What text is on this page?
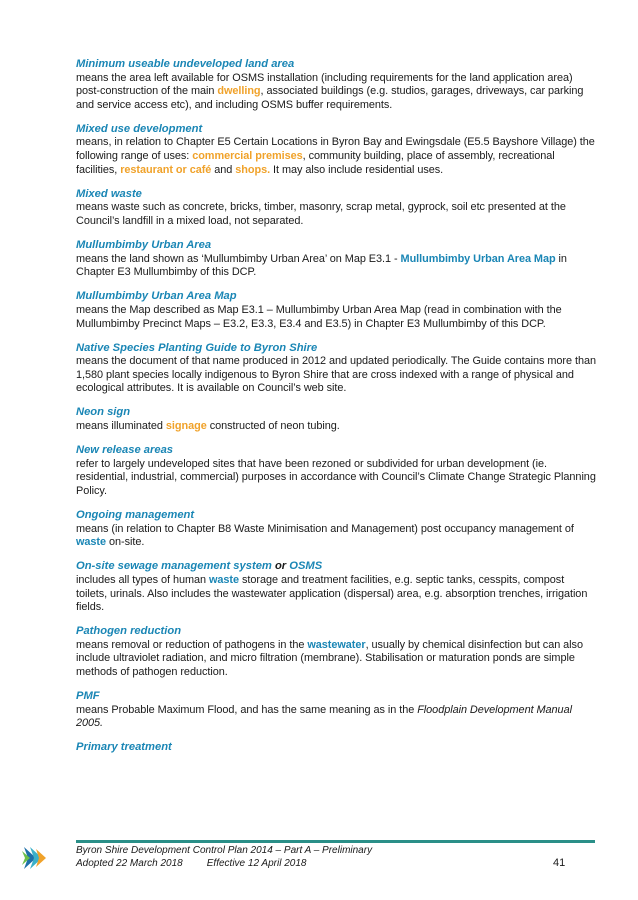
Minimum useable undeveloped land area
means the area left available for OSMS installation (including requirements for the land application area) post-construction of the main dwelling, associated buildings (e.g. studios, garages, driveways, car parking and service access etc), and including OSMS buffer requirements.
Mixed use development
means, in relation to Chapter E5 Certain Locations in Byron Bay and Ewingsdale (E5.5 Bayshore Village) the following range of uses: commercial premises, community building, place of assembly, recreational facilities, restaurant or café and shops. It may also include residential uses.
Mixed waste
means waste such as concrete, bricks, timber, masonry, scrap metal, gyprock, soil etc presented at the Council’s landfill in a mixed load, not separated.
Mullumbimby Urban Area
means the land shown as ‘Mullumbimby Urban Area’ on Map E3.1 - Mullumbimby Urban Area Map in Chapter E3 Mullumbimby of this DCP.
Mullumbimby Urban Area Map
means the Map described as Map E3.1 – Mullumbimby Urban Area Map (read in combination with the Mullumbimby Precinct Maps – E3.2, E3.3, E3.4 and E3.5) in Chapter E3 Mullumbimby of this DCP.
Native Species Planting Guide to Byron Shire
means the document of that name produced in 2012 and updated periodically. The Guide contains more than 1,580 plant species locally indigenous to Byron Shire that are cross indexed with a range of physical and ecological attributes. It is available on Council’s web site.
Neon sign
means illuminated signage constructed of neon tubing.
New release areas
refer to largely undeveloped sites that have been rezoned or subdivided for urban development (ie. residential, industrial, commercial) purposes in accordance with Council’s Climate Change Strategic Planning Policy.
Ongoing management
means (in relation to Chapter B8 Waste Minimisation and Management) post occupancy management of waste on-site.
On-site sewage management system or OSMS
includes all types of human waste storage and treatment facilities, e.g. septic tanks, cesspits, compost toilets, urinals. Also includes the wastewater application (dispersal) area, e.g. absorption trenches, irrigation fields.
Pathogen reduction
means removal or reduction of pathogens in the wastewater, usually by chemical disinfection but can also include ultraviolet radiation, and micro filtration (membrane). Stabilisation or maturation ponds are simple methods of pathogen reduction.
PMF
means Probable Maximum Flood, and has the same meaning as in the Floodplain Development Manual 2005.
Primary treatment
Byron Shire Development Control Plan 2014 – Part A – Preliminary
Adopted 22 March 2018 Effective 12 April 2018	41
